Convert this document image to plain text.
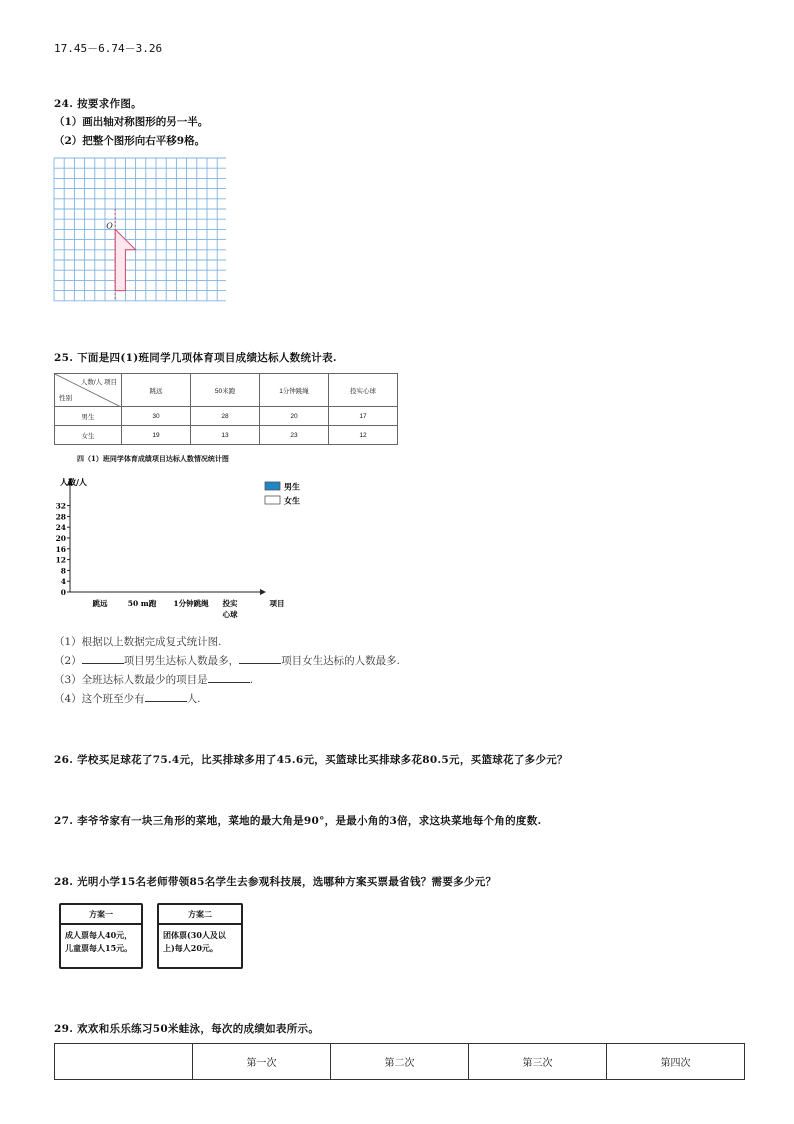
17.45－6.74－3.26
24. 按要求作图。
（1）画出轴对称图形的另一半。
（2）把整个图形向右平移9格。
O
25. 下面是四(1)班同学几项体育项目成绩达标人数统计表.
人数/人 项目
性别	跳远	50米跑	1分钟跳绳	投实心球
男生	30	28	20	17
女生	19	13	23	12
四（1）班同学体育成绩项目达标人数情况统计图
人数/人
32
28
24
20
16
12
8
4
0
跳远	50 m跑 1分钟跳绳 投实
心球
项目
男生
女生
（1）根据以上数据完成复式统计图.
（2）	项目男生达标人数最多，	项目女生达标的人数最多.
（3）全班达标人数最少的项目是	.
（4）这个班至少有	人.
26. 学校买足球花了75.4元，比买排球多用了45.6元，买篮球比买排球多花80.5元，买篮球花了多少元？
27. 李爷爷家有一块三角形的菜地，菜地的最大角是90°，是最小角的3倍，求这块菜地每个角的度数.
28. 光明小学15名老师带领85名学生去参观科技展，选哪种方案买票最省钱？需要多少元？
方案一
成人票每人40元，
儿童票每人15元。
方案二
团体票(30人及以
上)每人20元。
29. 欢欢和乐乐练习50米蛙泳，每次的成绩如表所示。
	第一次	第二次	第三次	第四次
